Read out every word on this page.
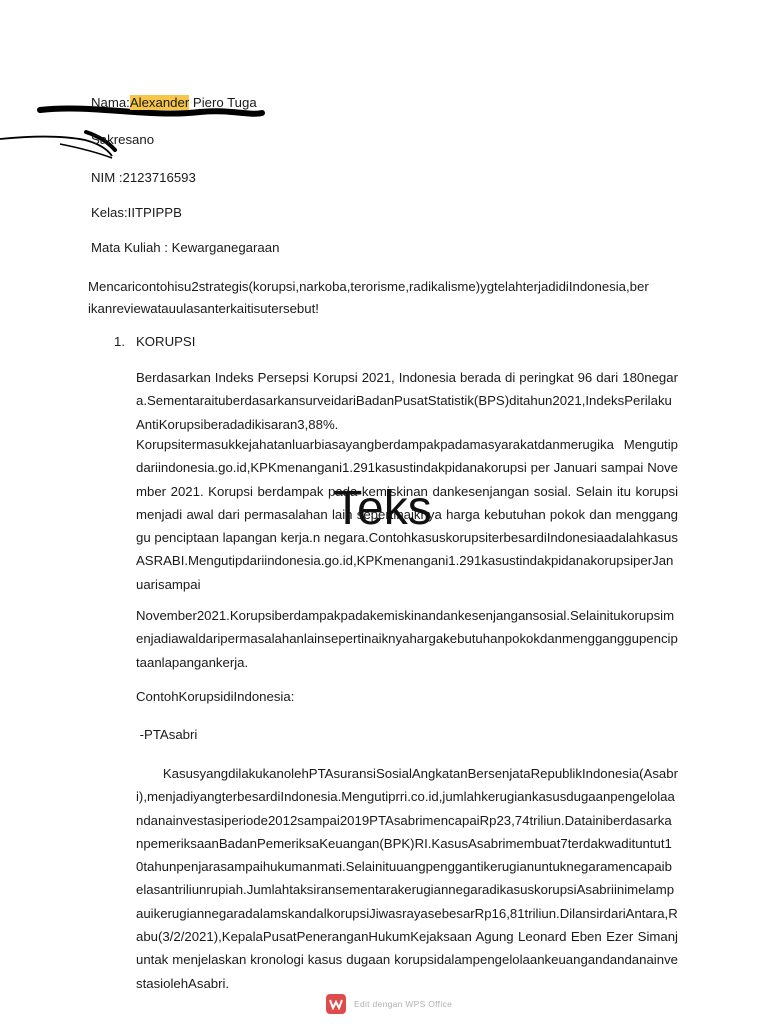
Nama:Alexander Piero Tuga
Sakresano
NIM :2123716593
Kelas:IITPIPPB
Mata Kuliah : Kewarganegaraan
Mencaricontohisu2strategis(korupsi,narkoba,terorisme,radikalisme)ygtelahterjadidiIndonesia,ber
ikanreviewatauulasanterkaitisutersebut!
1. KORUPSI
Berdasarkan Indeks Persepsi Korupsi 2021, Indonesia berada di peringkat 96 dari 180negara.SementaraituberdasarkansurveidariBadanPusatStatistik(BPS)ditahun2021,IndeksPerilakuAntiKorupsiberadadikisaran3,88%.
Korupsitermasukkejahatanluarbiasayangberdampakpadamasyarakatdanmerugika Mengutipdariindonesia.go.id,KPKmenangani1.291kasustindakpidanakorupsi per Januari sampai November 2021. Korupsi berdampak pada kemiskinan dankesenjangan sosial. Selain itu korupsi menjadi awal dari permasalahan lain sepertinaiknya harga kebutuhan pokok dan mengganggu penciptaan lapangan kerja.n negara.ContohkasuskorupsiterbesardiIndonesiaadalahkasusASRABI.Mengutipdariindonesia.go.id,KPKmenangani1.291kasustindakpidanakorupsiperJanuarisampai
November2021.Korupsiberdampakpadakemiskinandankesenjangansosial.Selainitukorupsimenjadiawaldaripermasalahanlainsepertinaiknyahargakebutuhanpokokdanmengganggupenciptaanlapangankerja.
ContohKorupsidiIndonesia:
-PTAsabri
KasusyangdilakukanolehPTAsuransiSosialAngkatanBersenjataRepublikIndonesia(Asabri),menjadiyangterbesardiIndonesia.Mengutiprri.co.id,jumlahkerugiankasusdugaanpengelolaandanainvestasiperiode2012sampai2019PTAsabrimencapaiRp23,74triliun.DatainiberdasarkanpemeriksaanBadanPemeriksaKeuangan(BPK)RI.KasusAsabrimembuat7terdakwadituntut10tahunpenjarasampaihukumanmati.Selainituuangpenggantikerugianuntuknegaramencapaibelasantriliunrupiah.JumlahtaksiransementarakerugiannegaradikasuskorupsiAsabriinimelampauikerugiannegaradalamskandalkorupsiJiwasrayasebesarRp16,81triliun.DilansirdariAntara,Rabu(3/2/2021),KepalaPusatPeneranganHukumKejaksaan Agung Leonard Eben Ezer Simanjuntak menjelaskan kronologi kasus dugaan korupsidalampengelolaankeuangandandanainvestasiolehAsabri.
Teks
Edit dengan WPS Office
